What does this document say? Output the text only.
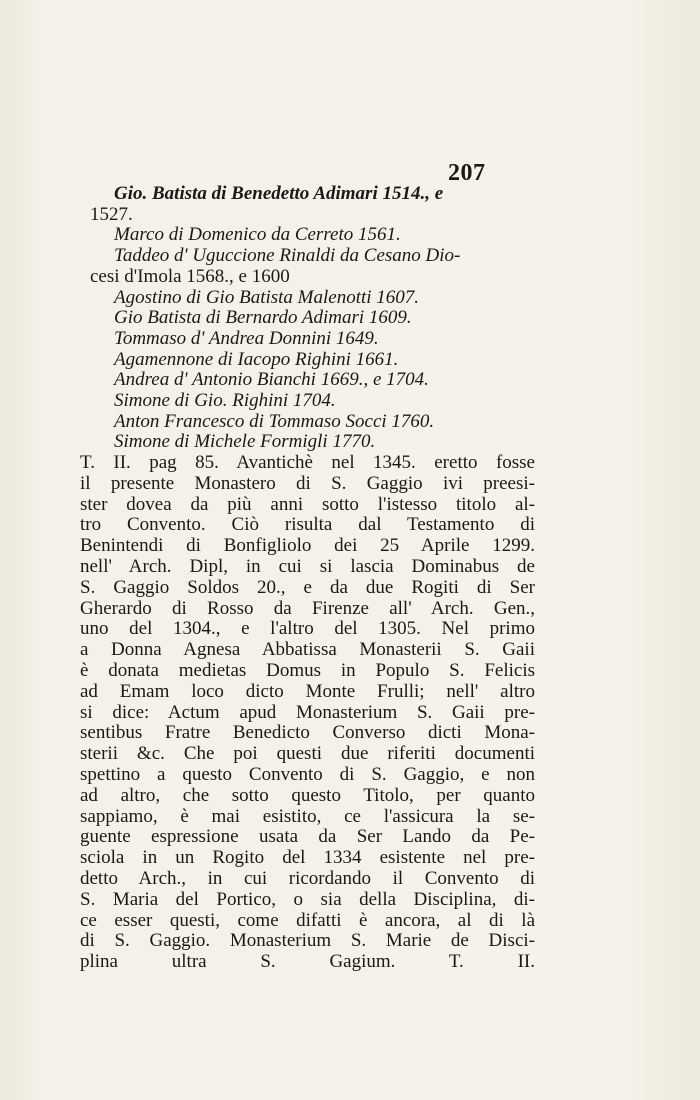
207
Gio. Batista di Benedetto Adimari 1514., e
1527.
Marco di Domenico da Cerreto 1561.
Taddeo d' Uguccione Rinaldi da Cesano Dio-
cesi d'Imola 1568., e 1600
Agostino di Gio Batista Malenotti 1607.
Gio Batista di Bernardo Adimari 1609.
Tommaso d' Andrea Donnini 1649.
Agamennone di Iacopo Righini 1661.
Andrea d' Antonio Bianchi 1669., e 1704.
Simone di Gio. Righini 1704.
Anton Francesco di Tommaso Socci 1760.
Simone di Michele Formigli 1770.
T. II. pag 85. Avantichè nel 1345. eretto fosse
il presente Monastero di S. Gaggio ivi preesi-
ster dovea da più anni sotto l'istesso titolo al-
tro Convento. Ciò risulta dal Testamento di
Benintendi di Bonfigliolo dei 25 Aprile 1299.
nell' Arch. Dipl, in cui si lascia Dominabus de
S. Gaggio Soldos 20., e da due Rogiti di Ser
Gherardo di Rosso da Firenze all' Arch. Gen.,
uno del 1304., e l'altro del 1305. Nel primo
a Donna Agnesa Abbatissa Monasterii S. Gaii
è donata medietas Domus in Populo S. Felicis
ad Emam loco dicto Monte Frulli; nell' altro
si dice: Actum apud Monasterium S. Gaii pre-
sentibus Fratre Benedicto Converso dicti Mona-
sterii &c. Che poi questi due riferiti documenti
spettino a questo Convento di S. Gaggio, e non
ad altro, che sotto questo Titolo, per quanto
sappiamo, è mai esistito, ce l'assicura la se-
guente espressione usata da Ser Lando da Pe-
sciola in un Rogito del 1334 esistente nel pre-
detto Arch., in cui ricordando il Convento di
S. Maria del Portico, o sia della Disciplina, di-
ce esser questi, come difatti è ancora, al di là
di S. Gaggio. Monasterium S. Marie de Disci-
plina ultra S. Gagium. T. II.
